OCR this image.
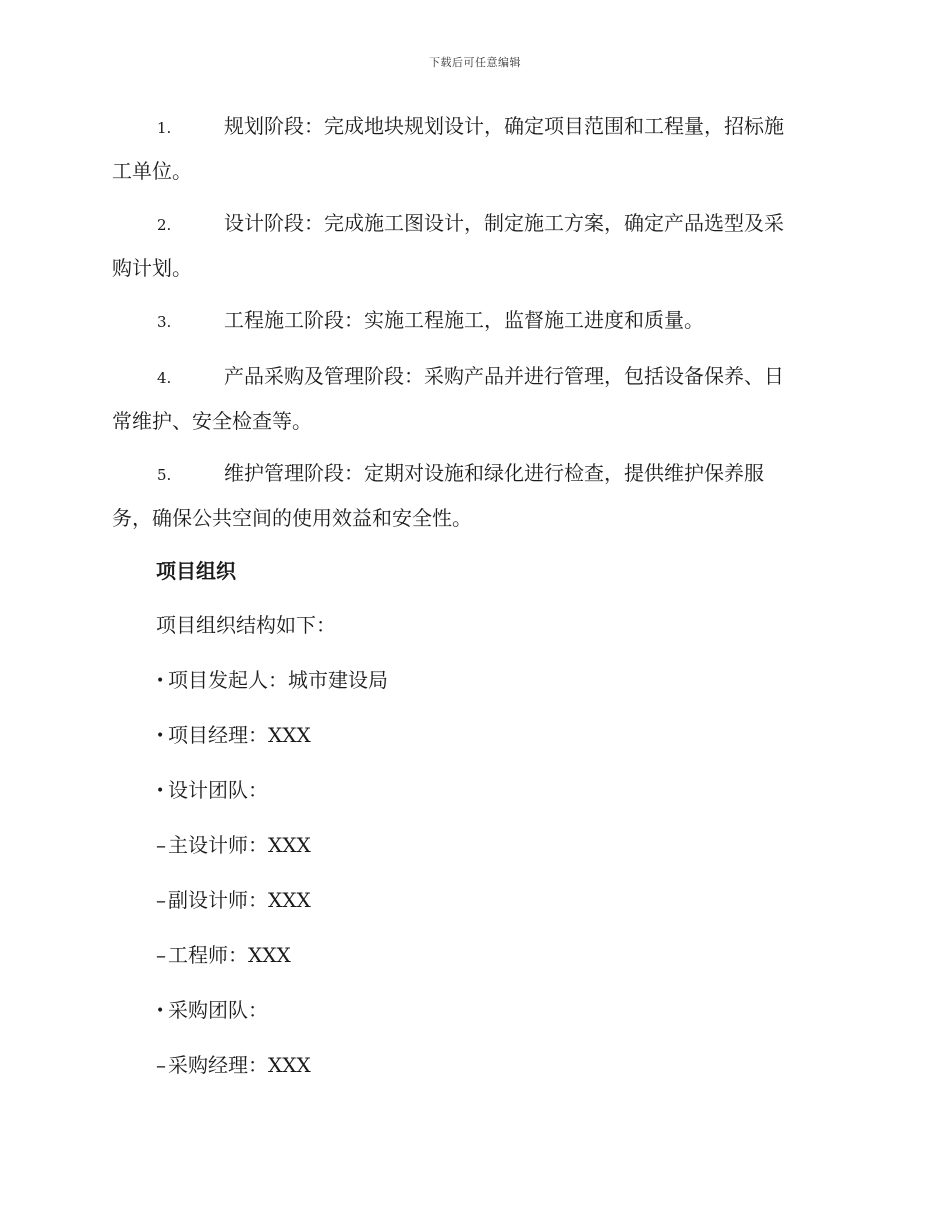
下载后可任意编辑
1.	规划阶段：完成地块规划设计，确定项目范围和工程量，招标施
工单位。
2.	设计阶段：完成施工图设计，制定施工方案，确定产品选型及采
购计划。
3.	工程施工阶段：实施工程施工，监督施工进度和质量。
4.	产品采购及管理阶段：采购产品并进行管理，包括设备保养、日
常维护、安全检查等。
5.	维护管理阶段：定期对设施和绿化进行检查，提供维护保养服
务，确保公共空间的使用效益和安全性。
项目组织
项目组织结构如下：
• 项目发起人：城市建设局
• 项目经理：XXX
• 设计团队：
– 主设计师：XXX
– 副设计师：XXX
– 工程师：XXX
• 采购团队：
– 采购经理：XXX
